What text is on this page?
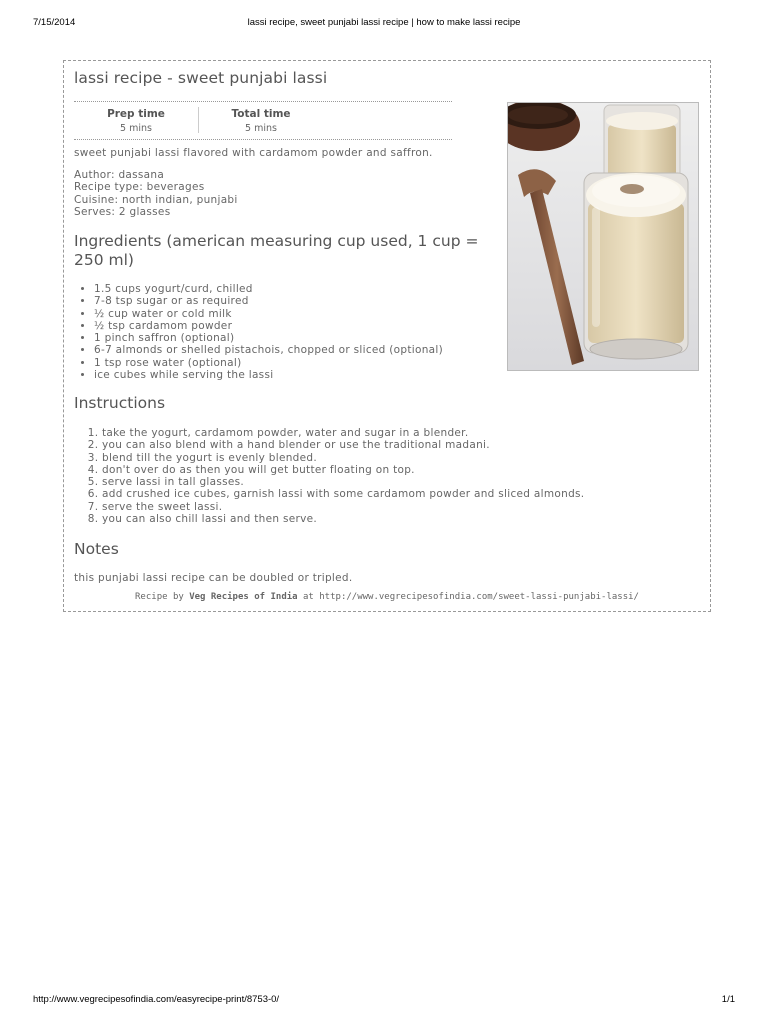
7/15/2014	lassi recipe, sweet punjabi lassi recipe | how to make lassi recipe
lassi recipe - sweet punjabi lassi
Prep time
5 mins
Total time
5 mins

sweet punjabi lassi flavored with cardamom powder and saffron.

Author: dassana
Recipe type: beverages
Cuisine: north indian, punjabi
Serves: 2 glasses
Ingredients (american measuring cup used, 1 cup = 250 ml)
• 1.5 cups yogurt/curd, chilled
• 7-8 tsp sugar or as required
• ½ cup water or cold milk
• ½ tsp cardamom powder
• 1 pinch saffron (optional)
• 6-7 almonds or shelled pistachois, chopped or sliced (optional)
• 1 tsp rose water (optional)
• ice cubes while serving the lassi
Instructions
1. take the yogurt, cardamom powder, water and sugar in a blender.
2. you can also blend with a hand blender or use the traditional madani.
3. blend till the yogurt is evenly blended.
4. don't over do as then you will get butter floating on top.
5. serve lassi in tall glasses.
6. add crushed ice cubes, garnish lassi with some cardamom powder and sliced almonds.
7. serve the sweet lassi.
8. you can also chill lassi and then serve.
Notes

this punjabi lassi recipe can be doubled or tripled.

Recipe by Veg Recipes of India at http://www.vegrecipesofindia.com/sweet-lassi-punjabi-lassi/

http://www.vegrecipesofindia.com/easyrecipe-print/8753-0/	1/1
